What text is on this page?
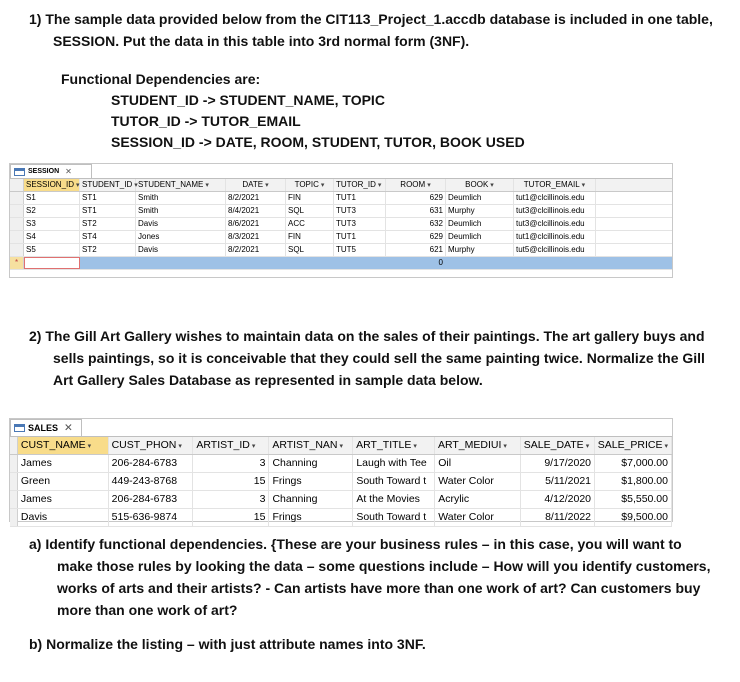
1) The sample data provided below from the CIT113_Project_1.accdb database is included in one table, SESSION. Put the data in this table into 3rd normal form (3NF).
Functional Dependencies are:
STUDENT_ID -> STUDENT_NAME, TOPIC
TUTOR_ID -> TUTOR_EMAIL
SESSION_ID -> DATE, ROOM, STUDENT, TUTOR, BOOK USED
SESSION ✕
SESSION_ID ▾ STUDENT_ID ▾ STUDENT_NAME ▾	DATE ▾	TOPIC ▾	TUTOR_ID ▾	ROOM ▾	BOOK ▾	TUTOR_EMAIL ▾
S1	ST1	Smith	8/2/2021	FIN	TUT1	629 Deumlich	tut1@clcillinois.edu
S2	ST1	Smith	8/4/2021	SQL	TUT3	631 Murphy	tut3@clcillinois.edu
S3	ST2	Davis	8/6/2021	ACC	TUT3	632 Deumlich	tut3@clcillinois.edu
S4	ST4	Jones	8/3/2021	FIN	TUT1	629 Deumlich	tut1@clcillinois.edu
S5	ST2	Davis	8/2/2021	SQL	TUT5	621 Murphy	tut5@clcillinois.edu
*	0
2) The Gill Art Gallery wishes to maintain data on the sales of their paintings. The art gallery buys and sells paintings, so it is conceivable that they could sell the same painting twice. Normalize the Gill Art Gallery Sales Database as represented in sample data below.
SALES ✕
CUST_NAME ▾	CUST_PHON ▾	ARTIST_ID ▾	ARTIST_NAN ▾	ART_TITLE ▾	ART_MEDIUI ▾	SALE_DATE ▾ SALE_PRICE ▾
James	206-284-6783	3 Channing	Laugh with Tee	Oil	9/17/2020	$7,000.00
Green	449-243-8768	15 Frings	South Toward t	Water Color	5/11/2021	$1,800.00
James	206-284-6783	3 Channing	At the Movies	Acrylic	4/12/2020	$5,550.00
Davis	515-636-9874	15 Frings	South Toward t	Water Color	8/11/2022	$9,500.00
a) Identify functional dependencies. {These are your business rules – in this case, you will want to make those rules by looking the data – some questions include – How will you identify customers, works of arts and their artists? - Can artists have more than one work of art? Can customers buy more than one work of art?
b) Normalize the listing – with just attribute names into 3NF.
